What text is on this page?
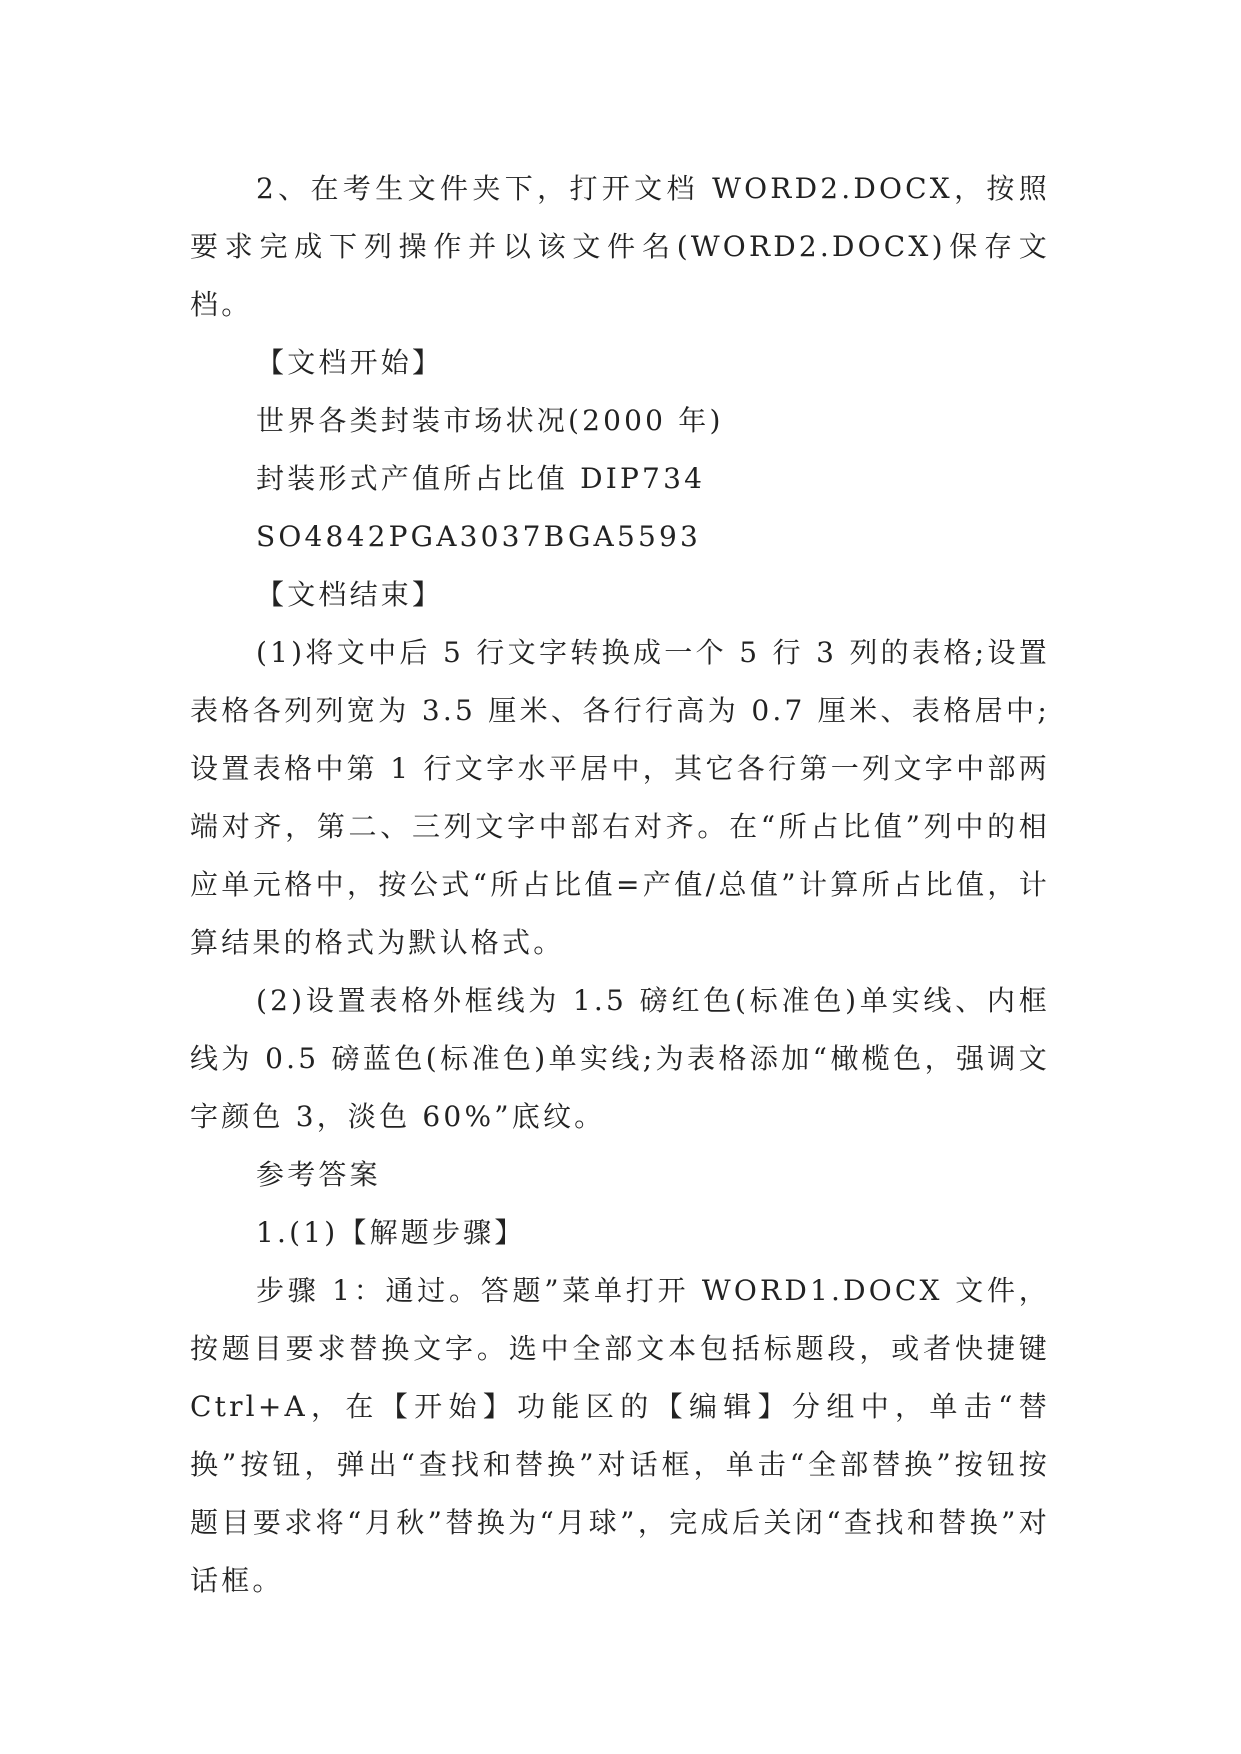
2、在考生文件夹下，打开文档 WORD2.DOCX，按照要求完成下列操作并以该文件名(WORD2.DOCX)保存文档。

【文档开始】

世界各类封装市场状况(2000 年)

封装形式产值所占比值 DIP734

SO4842PGA3037BGA5593

【文档结束】

(1)将文中后 5 行文字转换成一个 5 行 3 列的表格;设置表格各列列宽为 3.5 厘米、各行行高为 0.7 厘米、表格居中;设置表格中第 1 行文字水平居中，其它各行第一列文字中部两端对齐，第二、三列文字中部右对齐。在“所占比值”列中的相应单元格中，按公式“所占比值=产值/总值”计算所占比值，计算结果的格式为默认格式。

(2)设置表格外框线为 1.5 磅红色(标准色)单实线、内框线为 0.5 磅蓝色(标准色)单实线;为表格添加“橄榄色，强调文字颜色 3，淡色 60%”底纹。

参考答案

1.(1)【解题步骤】

步骤 1：通过。答题”菜单打开 WORD1.DOCX 文件，按题目要求替换文字。选中全部文本包括标题段，或者快捷键 Ctrl+A，在【开始】功能区的【编辑】分组中，单击“替换”按钮，弹出“查找和替换”对话框，单击“全部替换”按钮按题目要求将“月秋”替换为“月球”，完成后关闭“查找和替换”对话框。
